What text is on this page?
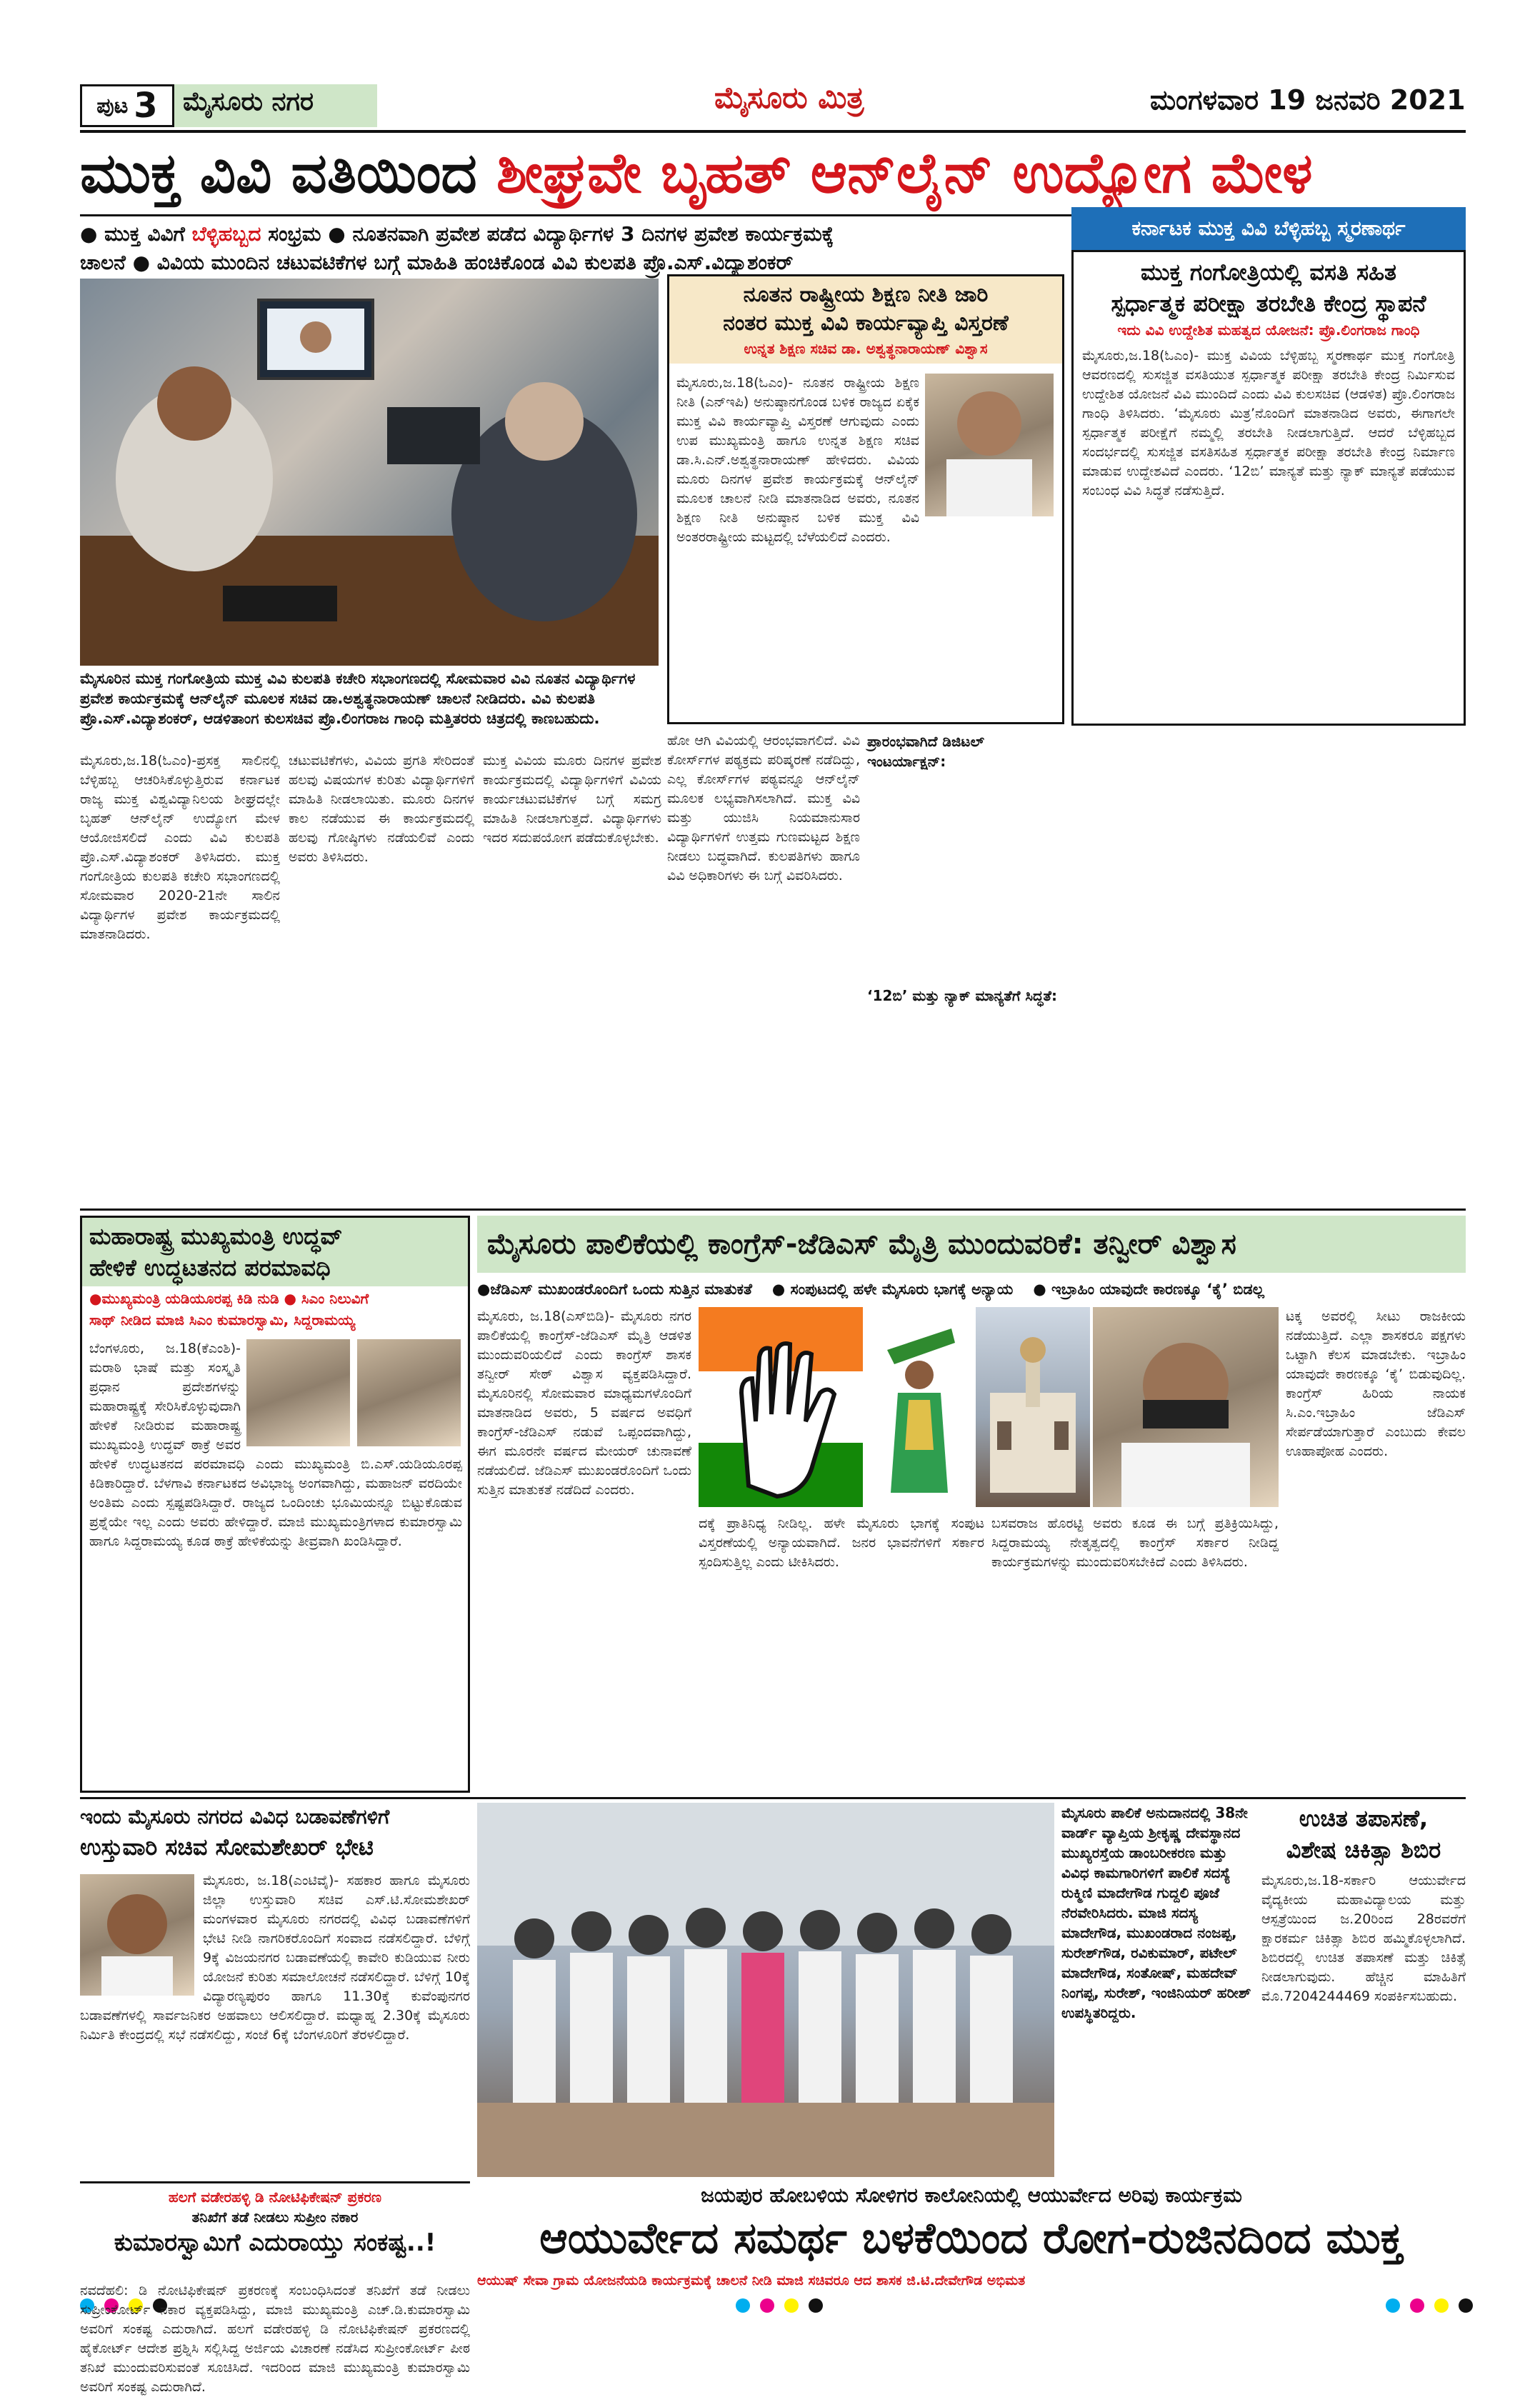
ಪುಟ 3 ಮೈಸೂರು ನಗರ	ಮೈಸೂರು ಮಿತ್ರ	ಮಂಗಳವಾರ 19 ಜನವರಿ 2021
ಮುಕ್ತ ವಿವಿ ವತಿಯಿಂದ ಶೀಘ್ರವೇ ಬೃಹತ್ ಆನ್‌ಲೈನ್ ಉದ್ಯೋಗ ಮೇಳ
● ಮುಕ್ತ ವಿವಿಗೆ ಬೆಳ್ಳಿಹಬ್ಬದ ಸಂಭ್ರಮ ● ನೂತನವಾಗಿ ಪ್ರವೇಶ ಪಡೆದ ವಿದ್ಯಾರ್ಥಿಗಳ 3 ದಿನಗಳ ಪ್ರವೇಶ ಕಾರ್ಯಕ್ರಮಕ್ಕೆ
ಚಾಲನೆ ● ವಿವಿಯ ಮುಂದಿನ ಚಟುವಟಿಕೆಗಳ ಬಗ್ಗೆ ಮಾಹಿತಿ ಹಂಚಿಕೊಂಡ ವಿವಿ ಕುಲಪತಿ ಪ್ರೊ.ಎಸ್.ವಿದ್ಯಾಶಂಕರ್
ಮೈಸೂರಿನ ಮುಕ್ತ ಗಂಗೋತ್ರಿಯ ಮುಕ್ತ ವಿವಿ ಕುಲಪತಿ ಕಚೇರಿ ಸಭಾಂಗಣದಲ್ಲಿ ಸೋಮವಾರ ವಿವಿ ನೂತನ ವಿದ್ಯಾರ್ಥಿಗಳ ಪ್ರವೇಶ ಕಾರ್ಯಕ್ರಮಕ್ಕೆ ಆನ್‌ಲೈನ್ ಮೂಲಕ ಸಚಿವ ಡಾ.ಅಶ್ವತ್ಥನಾರಾಯಣ್ ಚಾಲನೆ ನೀಡಿದರು. ವಿವಿ ಕುಲಪತಿ ಪ್ರೊ.ಎಸ್.ವಿದ್ಯಾಶಂಕರ್, ಆಡಳಿತಾಂಗ ಕುಲಸಚಿವ ಪ್ರೊ.ಲಿಂಗರಾಜ ಗಾಂಧಿ ಮತ್ತಿತರರು ಚಿತ್ರದಲ್ಲಿ ಕಾಣಬಹುದು.
ಮೈಸೂರು,ಜ.18(ಓಎಂ)-ಪ್ರಸಕ್ತ ಸಾಲಿನಲ್ಲಿ ಬೆಳ್ಳಿಹಬ್ಬ ಆಚರಿಸಿಕೊಳ್ಳುತ್ತಿರುವ ಕರ್ನಾಟಕ ರಾಜ್ಯ ಮುಕ್ತ ವಿಶ್ವವಿದ್ಯಾನಿಲಯ ಶೀಘ್ರದಲ್ಲೇ ಬೃಹತ್ ಆನ್‌ಲೈನ್ ಉದ್ಯೋಗ ಮೇಳ ಆಯೋಜಿಸಲಿದೆ ಎಂದು ವಿವಿ ಕುಲಪತಿ ಪ್ರೊ.ಎಸ್.ವಿದ್ಯಾಶಂಕರ್ ತಿಳಿಸಿದರು. ಮುಕ್ತ ಗಂಗೋತ್ರಿಯ ಕುಲಪತಿ ಕಚೇರಿ ಸಭಾಂಗಣದಲ್ಲಿ ಸೋಮವಾರ 2020-21ನೇ ಸಾಲಿನ ವಿದ್ಯಾರ್ಥಿಗಳ ಪ್ರವೇಶ ಕಾರ್ಯಕ್ರಮದಲ್ಲಿ ಮಾತನಾಡಿದರು.
ಚಟುವಟಿಕೆಗಳು, ವಿವಿಯ ಪ್ರಗತಿ ಸೇರಿದಂತೆ ಹಲವು ವಿಷಯಗಳ ಕುರಿತು ವಿದ್ಯಾರ್ಥಿಗಳಿಗೆ ಮಾಹಿತಿ ನೀಡಲಾಯಿತು. ಮೂರು ದಿನಗಳ ಕಾಲ ನಡೆಯುವ ಈ ಕಾರ್ಯಕ್ರಮದಲ್ಲಿ ಹಲವು ಗೋಷ್ಠಿಗಳು ನಡೆಯಲಿವೆ ಎಂದು ಅವರು ತಿಳಿಸಿದರು.
ಮುಕ್ತ ವಿವಿಯ ಮೂರು ದಿನಗಳ ಪ್ರವೇಶ ಕಾರ್ಯಕ್ರಮದಲ್ಲಿ ವಿದ್ಯಾರ್ಥಿಗಳಿಗೆ ವಿವಿಯ ಕಾರ್ಯಚಟುವಟಿಕೆಗಳ ಬಗ್ಗೆ ಸಮಗ್ರ ಮಾಹಿತಿ ನೀಡಲಾಗುತ್ತದೆ. ವಿದ್ಯಾರ್ಥಿಗಳು ಇದರ ಸದುಪಯೋಗ ಪಡೆದುಕೊಳ್ಳಬೇಕು.
ನೂತನ ರಾಷ್ಟ್ರೀಯ ಶಿಕ್ಷಣ ನೀತಿ ಜಾರಿ
ನಂತರ ಮುಕ್ತ ವಿವಿ ಕಾರ್ಯವ್ಯಾಪ್ತಿ ವಿಸ್ತರಣೆ
ಉನ್ನತ ಶಿಕ್ಷಣ ಸಚಿವ ಡಾ. ಅಶ್ವತ್ಥನಾರಾಯಣ್ ವಿಶ್ವಾಸ
ಮೈಸೂರು,ಜ.18(ಓಎಂ)- ನೂತನ ರಾಷ್ಟ್ರೀಯ ಶಿಕ್ಷಣ ನೀತಿ (ಎನ್‌ಇಪಿ) ಅನುಷ್ಠಾನಗೊಂಡ ಬಳಿಕ ರಾಜ್ಯದ ಏಕೈಕ ಮುಕ್ತ ವಿವಿ ಕಾರ್ಯವ್ಯಾಪ್ತಿ ವಿಸ್ತರಣೆ ಆಗುವುದು ಎಂದು ಉಪ ಮುಖ್ಯಮಂತ್ರಿ ಹಾಗೂ ಉನ್ನತ ಶಿಕ್ಷಣ ಸಚಿವ ಡಾ.ಸಿ.ಎನ್.ಅಶ್ವತ್ಥನಾರಾಯಣ್ ಹೇಳಿದರು. ವಿವಿಯ ಮೂರು ದಿನಗಳ ಪ್ರವೇಶ ಕಾರ್ಯಕ್ರಮಕ್ಕೆ ಆನ್‌ಲೈನ್ ಮೂಲಕ ಚಾಲನೆ ನೀಡಿ ಮಾತನಾಡಿದ ಅವರು, ನೂತನ ಶಿಕ್ಷಣ ನೀತಿ ಅನುಷ್ಠಾನ ಬಳಿಕ ಮುಕ್ತ ವಿವಿ ಅಂತರರಾಷ್ಟ್ರೀಯ ಮಟ್ಟದಲ್ಲಿ ಬೆಳೆಯಲಿದೆ ಎಂದರು.
ಹೋ ಆಗಿ ವಿವಿಯಲ್ಲಿ ಆರಂಭವಾಗಲಿದೆ. ವಿವಿ ಕೋರ್ಸ್‌ಗಳ ಪಠ್ಯಕ್ರಮ ಪರಿಷ್ಕರಣೆ ನಡೆದಿದ್ದು, ಎಲ್ಲ ಕೋರ್ಸ್‌ಗಳ ಪಠ್ಯವನ್ನೂ ಆನ್‌ಲೈನ್ ಮೂಲಕ ಲಭ್ಯವಾಗಿಸಲಾಗಿದೆ. ಮುಕ್ತ ವಿವಿ ಮತ್ತು ಯುಜಿಸಿ ನಿಯಮಾನುಸಾರ ವಿದ್ಯಾರ್ಥಿಗಳಿಗೆ ಉತ್ತಮ ಗುಣಮಟ್ಟದ ಶಿಕ್ಷಣ ನೀಡಲು ಬದ್ಧವಾಗಿದೆ. ಕುಲಪತಿಗಳು ಹಾಗೂ ವಿವಿ ಅಧಿಕಾರಿಗಳು ಈ ಬಗ್ಗೆ ವಿವರಿಸಿದರು.
ಪ್ರಾರಂಭವಾಗಿದೆ ಡಿಜಿಟಲ್ ಇಂಟರ್ಯಾಕ್ಷನ್:
‘12ಬಿ’ ಮತ್ತು ನ್ಯಾಕ್ ಮಾನ್ಯತೆಗೆ ಸಿದ್ಧತೆ:
ಕರ್ನಾಟಕ ಮುಕ್ತ ವಿವಿ ಬೆಳ್ಳಿಹಬ್ಬ ಸ್ಮರಣಾರ್ಥ
ಮುಕ್ತ ಗಂಗೋತ್ರಿಯಲ್ಲಿ ವಸತಿ ಸಹಿತ
ಸ್ಪರ್ಧಾತ್ಮಕ ಪರೀಕ್ಷಾ ತರಬೇತಿ ಕೇಂದ್ರ ಸ್ಥಾಪನೆ
ಇದು ವಿವಿ ಉದ್ದೇಶಿತ ಮಹತ್ವದ ಯೋಜನೆ: ಪ್ರೊ.ಲಿಂಗರಾಜ ಗಾಂಧಿ
ಮೈಸೂರು,ಜ.18(ಓಎಂ)- ಮುಕ್ತ ವಿವಿಯ ಬೆಳ್ಳಿಹಬ್ಬ ಸ್ಮರಣಾರ್ಥ ಮುಕ್ತ ಗಂಗೋತ್ರಿ ಆವರಣದಲ್ಲಿ ಸುಸಜ್ಜಿತ ವಸತಿಯುತ ಸ್ಪರ್ಧಾತ್ಮಕ ಪರೀಕ್ಷಾ ತರಬೇತಿ ಕೇಂದ್ರ ನಿರ್ಮಿಸುವ ಉದ್ದೇಶಿತ ಯೋಜನೆ ವಿವಿ ಮುಂದಿದೆ ಎಂದು ವಿವಿ ಕುಲಸಚಿವ (ಆಡಳಿತ) ಪ್ರೊ.ಲಿಂಗರಾಜ ಗಾಂಧಿ ತಿಳಿಸಿದರು. ‘ಮೈಸೂರು ಮಿತ್ರ’ನೊಂದಿಗೆ ಮಾತನಾಡಿದ ಅವರು, ಈಗಾಗಲೇ ಸ್ಪರ್ಧಾತ್ಮಕ ಪರೀಕ್ಷೆಗೆ ನಮ್ಮಲ್ಲಿ ತರಬೇತಿ ನೀಡಲಾಗುತ್ತಿದೆ. ಆದರೆ ಬೆಳ್ಳಿಹಬ್ಬದ ಸಂದರ್ಭದಲ್ಲಿ ಸುಸಜ್ಜಿತ ವಸತಿಸಹಿತ ಸ್ಪರ್ಧಾತ್ಮಕ ಪರೀಕ್ಷಾ ತರಬೇತಿ ಕೇಂದ್ರ ನಿರ್ಮಾಣ ಮಾಡುವ ಉದ್ದೇಶವಿದೆ ಎಂದರು. ‘12ಬಿ’ ಮಾನ್ಯತೆ ಮತ್ತು ನ್ಯಾಕ್ ಮಾನ್ಯತೆ ಪಡೆಯುವ ಸಂಬಂಧ ವಿವಿ ಸಿದ್ಧತೆ ನಡೆಸುತ್ತಿದೆ.
ಮಹಾರಾಷ್ಟ್ರ ಮುಖ್ಯಮಂತ್ರಿ ಉದ್ಧವ್
ಹೇಳಿಕೆ ಉದ್ಧಟತನದ ಪರಮಾವಧಿ
●ಮುಖ್ಯಮಂತ್ರಿ ಯಡಿಯೂರಪ್ಪ ಕಿಡಿ ನುಡಿ ● ಸಿಎಂ ನಿಲುವಿಗೆ
ಸಾಥ್ ನೀಡಿದ ಮಾಜಿ ಸಿಎಂ ಕುಮಾರಸ್ವಾಮಿ, ಸಿದ್ದರಾಮಯ್ಯ
ಬೆಂಗಳೂರು, ಜ.18(ಕೆಎಂಶಿ)- ಮರಾಠಿ ಭಾಷೆ ಮತ್ತು ಸಂಸ್ಕೃತಿ ಪ್ರಧಾನ ಪ್ರದೇಶಗಳನ್ನು ಮಹಾರಾಷ್ಟ್ರಕ್ಕೆ ಸೇರಿಸಿಕೊಳ್ಳುವುದಾಗಿ ಹೇಳಿಕೆ ನೀಡಿರುವ ಮಹಾರಾಷ್ಟ್ರ ಮುಖ್ಯಮಂತ್ರಿ ಉದ್ಧವ್ ಠಾಕ್ರೆ ಅವರ ಹೇಳಿಕೆ ಉದ್ಧಟತನದ ಪರಮಾವಧಿ ಎಂದು ಮುಖ್ಯಮಂತ್ರಿ ಬಿ.ಎಸ್.ಯಡಿಯೂರಪ್ಪ ಕಿಡಿಕಾರಿದ್ದಾರೆ. ಬೆಳಗಾವಿ ಕರ್ನಾಟಕದ ಅವಿಭಾಜ್ಯ ಅಂಗವಾಗಿದ್ದು, ಮಹಾಜನ್ ವರದಿಯೇ ಅಂತಿಮ ಎಂದು ಸ್ಪಷ್ಟಪಡಿಸಿದ್ದಾರೆ. ರಾಜ್ಯದ ಒಂದಿಂಚು ಭೂಮಿಯನ್ನೂ ಬಿಟ್ಟುಕೊಡುವ ಪ್ರಶ್ನೆಯೇ ಇಲ್ಲ ಎಂದು ಅವರು ಹೇಳಿದ್ದಾರೆ. ಮಾಜಿ ಮುಖ್ಯಮಂತ್ರಿಗಳಾದ ಕುಮಾರಸ್ವಾಮಿ ಹಾಗೂ ಸಿದ್ದರಾಮಯ್ಯ ಕೂಡ ಠಾಕ್ರೆ ಹೇಳಿಕೆಯನ್ನು ತೀವ್ರವಾಗಿ ಖಂಡಿಸಿದ್ದಾರೆ.
ಮೈಸೂರು ಪಾಲಿಕೆಯಲ್ಲಿ ಕಾಂಗ್ರೆಸ್-ಜೆಡಿಎಸ್ ಮೈತ್ರಿ ಮುಂದುವರಿಕೆ: ತನ್ವೀರ್ ವಿಶ್ವಾಸ
●ಜೆಡಿಎಸ್ ಮುಖಂಡರೊಂದಿಗೆ ಒಂದು ಸುತ್ತಿನ ಮಾತುಕತೆ ● ಸಂಪುಟದಲ್ಲಿ ಹಳೇ ಮೈಸೂರು ಭಾಗಕ್ಕೆ ಅನ್ಯಾಯ ● ಇಬ್ರಾಹಿಂ ಯಾವುದೇ ಕಾರಣಕ್ಕೂ ‘ಕೈ’ ಬಿಡಲ್ಲ
ಮೈಸೂರು, ಜ.18(ಎಸ್‌ಬಿಡಿ)- ಮೈಸೂರು ನಗರ ಪಾಲಿಕೆಯಲ್ಲಿ ಕಾಂಗ್ರೆಸ್-ಜೆಡಿಎಸ್ ಮೈತ್ರಿ ಆಡಳಿತ ಮುಂದುವರಿಯಲಿದೆ ಎಂದು ಕಾಂಗ್ರೆಸ್ ಶಾಸಕ ತನ್ವೀರ್ ಸೇಠ್ ವಿಶ್ವಾಸ ವ್ಯಕ್ತಪಡಿಸಿದ್ದಾರೆ. ಮೈಸೂರಿನಲ್ಲಿ ಸೋಮವಾರ ಮಾಧ್ಯಮಗಳೊಂದಿಗೆ ಮಾತನಾಡಿದ ಅವರು, 5 ವರ್ಷದ ಅವಧಿಗೆ ಕಾಂಗ್ರೆಸ್-ಜೆಡಿಎಸ್ ನಡುವೆ ಒಪ್ಪಂದವಾಗಿದ್ದು, ಈಗ ಮೂರನೇ ವರ್ಷದ ಮೇಯರ್ ಚುನಾವಣೆ ನಡೆಯಲಿದೆ. ಜೆಡಿಎಸ್ ಮುಖಂಡರೊಂದಿಗೆ ಒಂದು ಸುತ್ತಿನ ಮಾತುಕತೆ ನಡೆದಿದೆ ಎಂದರು.
ಟಕ್ಕ ಅವರಲ್ಲಿ ಸೀಟು ರಾಜಕೀಯ ನಡೆಯುತ್ತಿದೆ. ಎಲ್ಲಾ ಶಾಸಕರೂ ಪಕ್ಷಗಳು ಒಟ್ಟಾಗಿ ಕೆಲಸ ಮಾಡಬೇಕು. ಇಬ್ರಾಹಿಂ ಯಾವುದೇ ಕಾರಣಕ್ಕೂ ‘ಕೈ’ ಬಿಡುವುದಿಲ್ಲ. ಕಾಂಗ್ರೆಸ್ ಹಿರಿಯ ನಾಯಕ ಸಿ.ಎಂ.ಇಬ್ರಾಹಿಂ ಜೆಡಿಎಸ್ ಸೇರ್ಪಡೆಯಾಗುತ್ತಾರೆ ಎಂಬುದು ಕೇವಲ ಊಹಾಪೋಹ ಎಂದರು.
ದಕ್ಕೆ ಪ್ರಾತಿನಿಧ್ಯ ನೀಡಿಲ್ಲ. ಹಳೇ ಮೈಸೂರು ಭಾಗಕ್ಕೆ ಸಂಪುಟ ವಿಸ್ತರಣೆಯಲ್ಲಿ ಅನ್ಯಾಯವಾಗಿದೆ. ಜನರ ಭಾವನೆಗಳಿಗೆ ಸರ್ಕಾರ ಸ್ಪಂದಿಸುತ್ತಿಲ್ಲ ಎಂದು ಟೀಕಿಸಿದರು.
ಬಸವರಾಜ ಹೊರಟ್ಟಿ ಅವರು ಕೂಡ ಈ ಬಗ್ಗೆ ಪ್ರತಿಕ್ರಿಯಿಸಿದ್ದು, ಸಿದ್ದರಾಮಯ್ಯ ನೇತೃತ್ವದಲ್ಲಿ ಕಾಂಗ್ರೆಸ್ ಸರ್ಕಾರ ನೀಡಿದ್ದ ಕಾರ್ಯಕ್ರಮಗಳನ್ನು ಮುಂದುವರಿಸಬೇಕಿದೆ ಎಂದು ತಿಳಿಸಿದರು.
ಇಂದು ಮೈಸೂರು ನಗರದ ವಿವಿಧ ಬಡಾವಣೆಗಳಿಗೆ
ಉಸ್ತುವಾರಿ ಸಚಿವ ಸೋಮಶೇಖರ್ ಭೇಟಿ
ಮೈಸೂರು, ಜ.18(ಎಂಟಿವೈ)- ಸಹಕಾರ ಹಾಗೂ ಮೈಸೂರು ಜಿಲ್ಲಾ ಉಸ್ತುವಾರಿ ಸಚಿವ ಎಸ್.ಟಿ.ಸೋಮಶೇಖರ್ ಮಂಗಳವಾರ ಮೈಸೂರು ನಗರದಲ್ಲಿ ವಿವಿಧ ಬಡಾವಣೆಗಳಿಗೆ ಭೇಟಿ ನೀಡಿ ನಾಗರಿಕರೊಂದಿಗೆ ಸಂವಾದ ನಡೆಸಲಿದ್ದಾರೆ. ಬೆಳಿಗ್ಗೆ 9ಕ್ಕೆ ವಿಜಯನಗರ ಬಡಾವಣೆಯಲ್ಲಿ ಕಾವೇರಿ ಕುಡಿಯುವ ನೀರು ಯೋಜನೆ ಕುರಿತು ಸಮಾಲೋಚನೆ ನಡೆಸಲಿದ್ದಾರೆ. ಬೆಳಿಗ್ಗೆ 10ಕ್ಕೆ ವಿದ್ಯಾರಣ್ಯಪುರಂ ಹಾಗೂ 11.30ಕ್ಕೆ ಕುವೆಂಪುನಗರ ಬಡಾವಣೆಗಳಲ್ಲಿ ಸಾರ್ವಜನಿಕರ ಅಹವಾಲು ಆಲಿಸಲಿದ್ದಾರೆ. ಮಧ್ಯಾಹ್ನ 2.30ಕ್ಕೆ ಮೈಸೂರು ನಿರ್ಮಿತಿ ಕೇಂದ್ರದಲ್ಲಿ ಸಭೆ ನಡೆಸಲಿದ್ದು, ಸಂಜೆ 6ಕ್ಕೆ ಬೆಂಗಳೂರಿಗೆ ತೆರಳಲಿದ್ದಾರೆ.
ಮೈಸೂರು ಪಾಲಿಕೆ ಅನುದಾನದಲ್ಲಿ 38ನೇ ವಾರ್ಡ್ ವ್ಯಾಪ್ತಿಯ ಶ್ರೀಕೃಷ್ಣ ದೇವಸ್ಥಾನದ ಮುಖ್ಯರಸ್ತೆಯ ಡಾಂಬರೀಕರಣ ಮತ್ತು ವಿವಿಧ ಕಾಮಗಾರಿಗಳಿಗೆ ಪಾಲಿಕೆ ಸದಸ್ಯೆ ರುಕ್ಮಿಣಿ ಮಾದೇಗೌಡ ಗುದ್ದಲಿ ಪೂಜೆ ನೆರವೇರಿಸಿದರು. ಮಾಜಿ ಸದಸ್ಯ ಮಾದೇಗೌಡ, ಮುಖಂಡರಾದ ನಂಜಪ್ಪ, ಸುರೇಶ್‌ಗೌಡ, ರವಿಕುಮಾರ್, ಪಟೇಲ್ ಮಾದೇಗೌಡ, ಸಂತೋಷ್, ಮಹದೇವ್ ನಿಂಗಪ್ಪ, ಸುರೇಶ್, ಇಂಜಿನಿಯರ್ ಹರೀಶ್ ಉಪಸ್ಥಿತರಿದ್ದರು.
ಉಚಿತ ತಪಾಸಣೆ,
ವಿಶೇಷ ಚಿಕಿತ್ಸಾ ಶಿಬಿರ
ಮೈಸೂರು,ಜ.18-ಸರ್ಕಾರಿ ಆಯುರ್ವೇದ ವೈದ್ಯಕೀಯ ಮಹಾವಿದ್ಯಾಲಯ ಮತ್ತು ಆಸ್ಪತ್ರೆಯಿಂದ ಜ.20ರಿಂದ 28ರವರೆಗೆ ಕ್ಷಾರಕರ್ಮ ಚಿಕಿತ್ಸಾ ಶಿಬಿರ ಹಮ್ಮಿಕೊಳ್ಳಲಾಗಿದೆ. ಶಿಬಿರದಲ್ಲಿ ಉಚಿತ ತಪಾಸಣೆ ಮತ್ತು ಚಿಕಿತ್ಸೆ ನೀಡಲಾಗುವುದು. ಹೆಚ್ಚಿನ ಮಾಹಿತಿಗೆ ಮೊ.7204244469 ಸಂಪರ್ಕಿಸಬಹುದು.
ಹಲಗೆ ವಡೇರಹಳ್ಳಿ ಡಿ ನೋಟಿಫಿಕೇಷನ್ ಪ್ರಕರಣ
ತನಿಖೆಗೆ ತಡೆ ನೀಡಲು ಸುಪ್ರೀಂ ನಕಾರ
ಕುಮಾರಸ್ವಾಮಿಗೆ ಎದುರಾಯ್ತು ಸಂಕಷ್ಟ..!
ಜಯಪುರ ಹೋಬಳಿಯ ಸೋಳಿಗರ ಕಾಲೋನಿಯಲ್ಲಿ ಆಯುರ್ವೇದ ಅರಿವು ಕಾರ್ಯಕ್ರಮ
ಆಯುರ್ವೇದ ಸಮರ್ಥ ಬಳಕೆಯಿಂದ ರೋಗ-ರುಜಿನದಿಂದ ಮುಕ್ತ
ಆಯುಷ್ ಸೇವಾ ಗ್ರಾಮ ಯೋಜನೆಯಡಿ ಕಾರ್ಯಕ್ರಮಕ್ಕೆ ಚಾಲನೆ ನೀಡಿ ಮಾಜಿ ಸಚಿವರೂ ಆದ ಶಾಸಕ ಜಿ.ಟಿ.ದೇವೇಗೌಡ ಅಭಿಮತ
ನವದೆಹಲಿ: ಡಿ ನೋಟಿಫಿಕೇಷನ್ ಪ್ರಕರಣಕ್ಕೆ ಸಂಬಂಧಿಸಿದಂತೆ ತನಿಖೆಗೆ ತಡೆ ನೀಡಲು ಸುಪ್ರೀಂಕೋರ್ಟ್ ನಕಾರ ವ್ಯಕ್ತಪಡಿಸಿದ್ದು, ಮಾಜಿ ಮುಖ್ಯಮಂತ್ರಿ ಎಚ್.ಡಿ.ಕುಮಾರಸ್ವಾಮಿ ಅವರಿಗೆ ಸಂಕಷ್ಟ ಎದುರಾಗಿದೆ. ಹಲಗೆ ವಡೇರಹಳ್ಳಿ ಡಿ ನೋಟಿಫಿಕೇಷನ್ ಪ್ರಕರಣದಲ್ಲಿ ಹೈಕೋರ್ಟ್ ಆದೇಶ ಪ್ರಶ್ನಿಸಿ ಸಲ್ಲಿಸಿದ್ದ ಅರ್ಜಿಯ ವಿಚಾರಣೆ ನಡೆಸಿದ ಸುಪ್ರೀಂಕೋರ್ಟ್ ಪೀಠ ತನಿಖೆ ಮುಂದುವರಿಸುವಂತೆ ಸೂಚಿಸಿದೆ. ಇದರಿಂದ ಮಾಜಿ ಮುಖ್ಯಮಂತ್ರಿ ಕುಮಾರಸ್ವಾಮಿ ಅವರಿಗೆ ಸಂಕಷ್ಟ ಎದುರಾಗಿದೆ.
